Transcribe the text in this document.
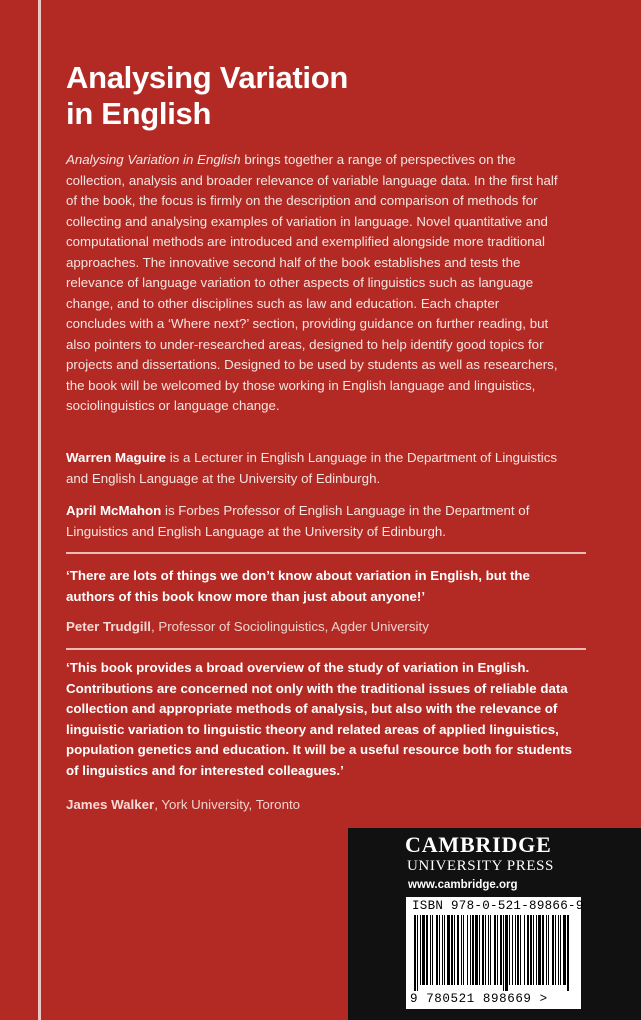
Analysing Variation
in English

Analysing Variation in English brings together a range of perspectives on the collection, analysis and broader relevance of variable language data. In the first half of the book, the focus is firmly on the description and comparison of methods for collecting and analysing examples of variation in language. Novel quantitative and computational methods are introduced and exemplified alongside more traditional approaches. The innovative second half of the book establishes and tests the relevance of language variation to other aspects of linguistics such as language change, and to other disciplines such as law and education. Each chapter concludes with a ‘Where next?’ section, providing guidance on further reading, but also pointers to under-researched areas, designed to help identify good topics for projects and dissertations. Designed to be used by students as well as researchers, the book will be welcomed by those working in English language and linguistics, sociolinguistics or language change.

Warren Maguire is a Lecturer in English Language in the Department of Linguistics and English Language at the University of Edinburgh.

April McMahon is Forbes Professor of English Language in the Department of Linguistics and English Language at the University of Edinburgh.

‘There are lots of things we don’t know about variation in English, but the authors of this book know more than just about anyone!’

Peter Trudgill, Professor of Sociolinguistics, Agder University

‘This book provides a broad overview of the study of variation in English. Contributions are concerned not only with the traditional issues of reliable data collection and appropriate methods of analysis, but also with the relevance of linguistic variation to linguistic theory and related areas of applied linguistics, population genetics and education. It will be a useful resource both for students of linguistics and for interested colleagues.’

James Walker, York University, Toronto

CAMBRIDGE
UNIVERSITY PRESS
www.cambridge.org
ISBN 978-0-521-89866-9
9 780521 898669 >
